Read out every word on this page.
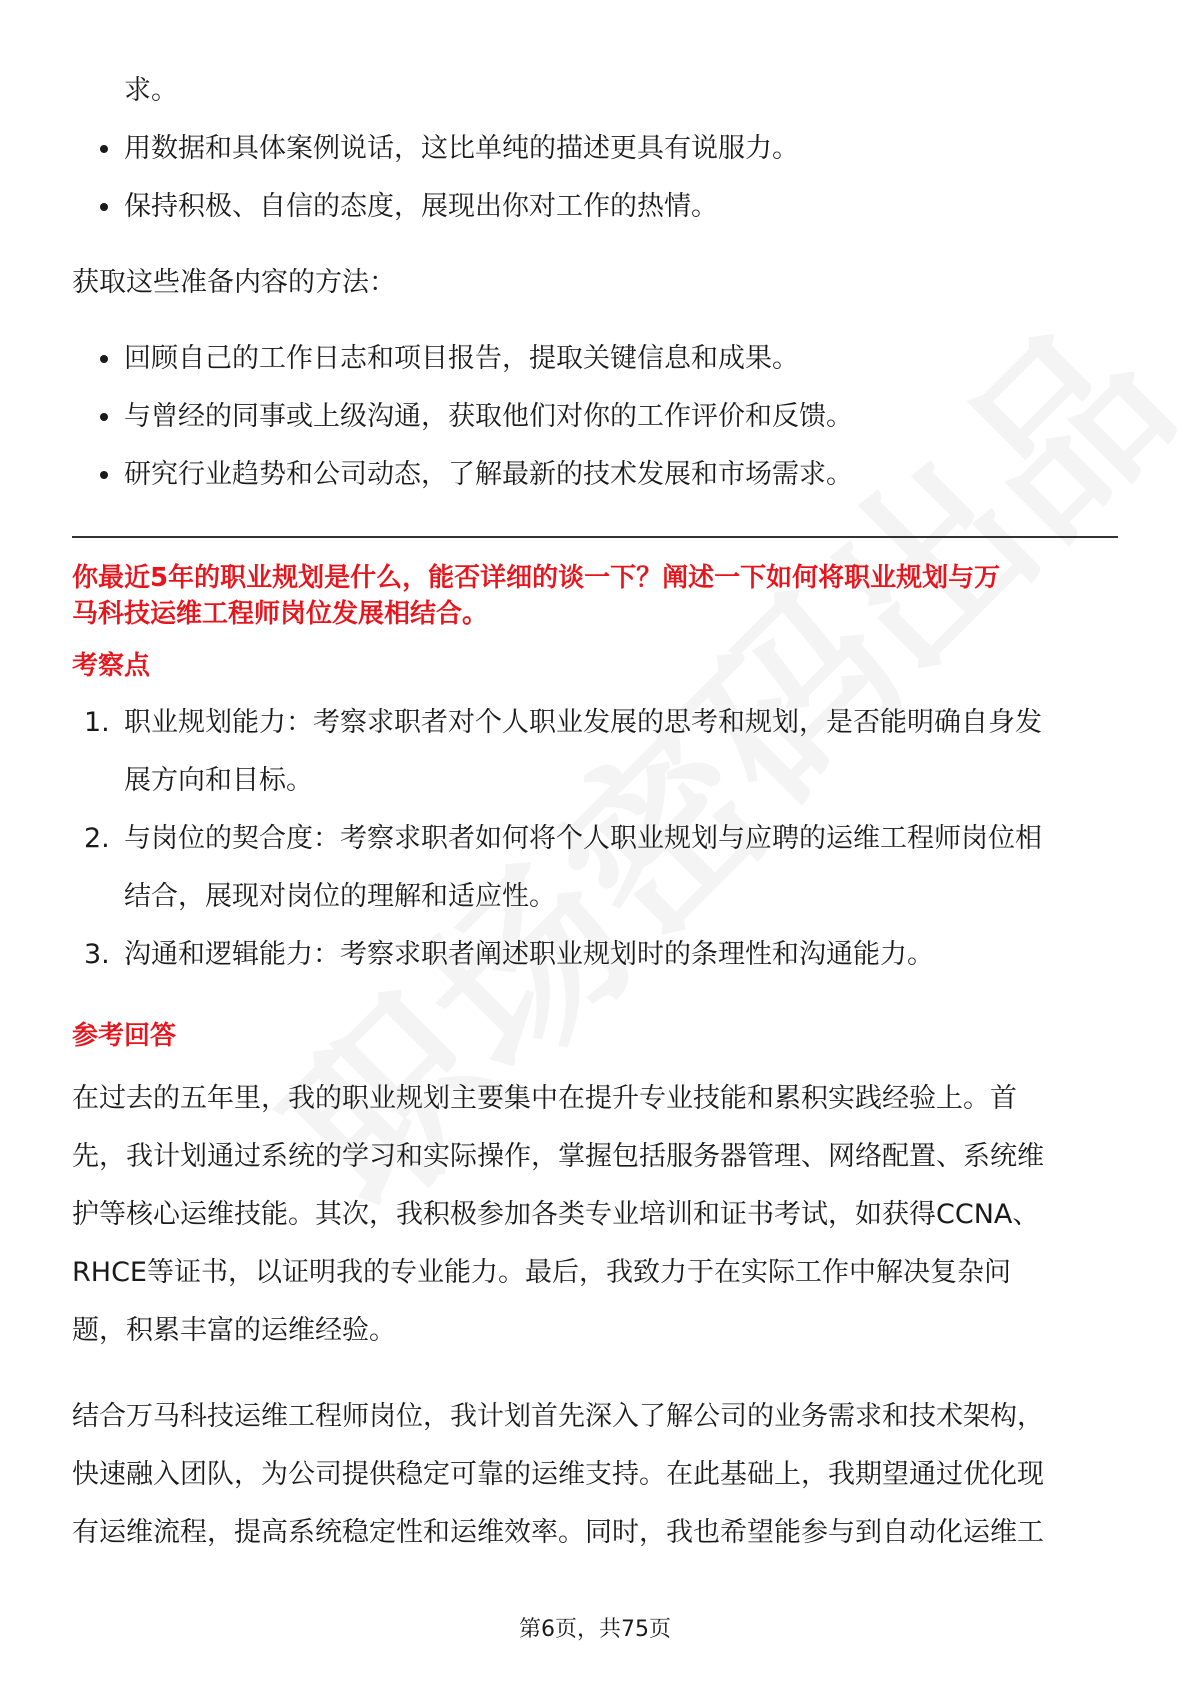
求。

用数据和具体案例说话，这比单纯的描述更具有说服力。
保持积极、自信的态度，展现出你对工作的热情。

获取这些准备内容的方法：

回顾自己的工作日志和项目报告，提取关键信息和成果。
与曾经的同事或上级沟通，获取他们对你的工作评价和反馈。
研究行业趋势和公司动态，了解最新的技术发展和市场需求。

你最近5年的职业规划是什么，能否详细的谈一下？阐述一下如何将职业规划与万

马科技运维工程师岗位发展相结合。

考察点

1. 职业规划能力：考察求职者对个人职业发展的思考和规划，是否能明确自身发
展方向和目标。
2. 与岗位的契合度：考察求职者如何将个人职业规划与应聘的运维工程师岗位相
结合，展现对岗位的理解和适应性。
3. 沟通和逻辑能力：考察求职者阐述职业规划时的条理性和沟通能力。

参考回答

在过去的五年里，我的职业规划主要集中在提升专业技能和累积实践经验上。首

先，我计划通过系统的学习和实际操作，掌握包括服务器管理、网络配置、系统维

护等核心运维技能。其次，我积极参加各类专业培训和证书考试，如获得CCNA、

RHCE等证书，以证明我的专业能力。最后，我致力于在实际工作中解决复杂问

题，积累丰富的运维经验。

结合万马科技运维工程师岗位，我计划首先深入了解公司的业务需求和技术架构，

快速融入团队，为公司提供稳定可靠的运维支持。在此基础上，我期望通过优化现

有运维流程，提高系统稳定性和运维效率。同时，我也希望能参与到自动化运维工

第6页，共75页
